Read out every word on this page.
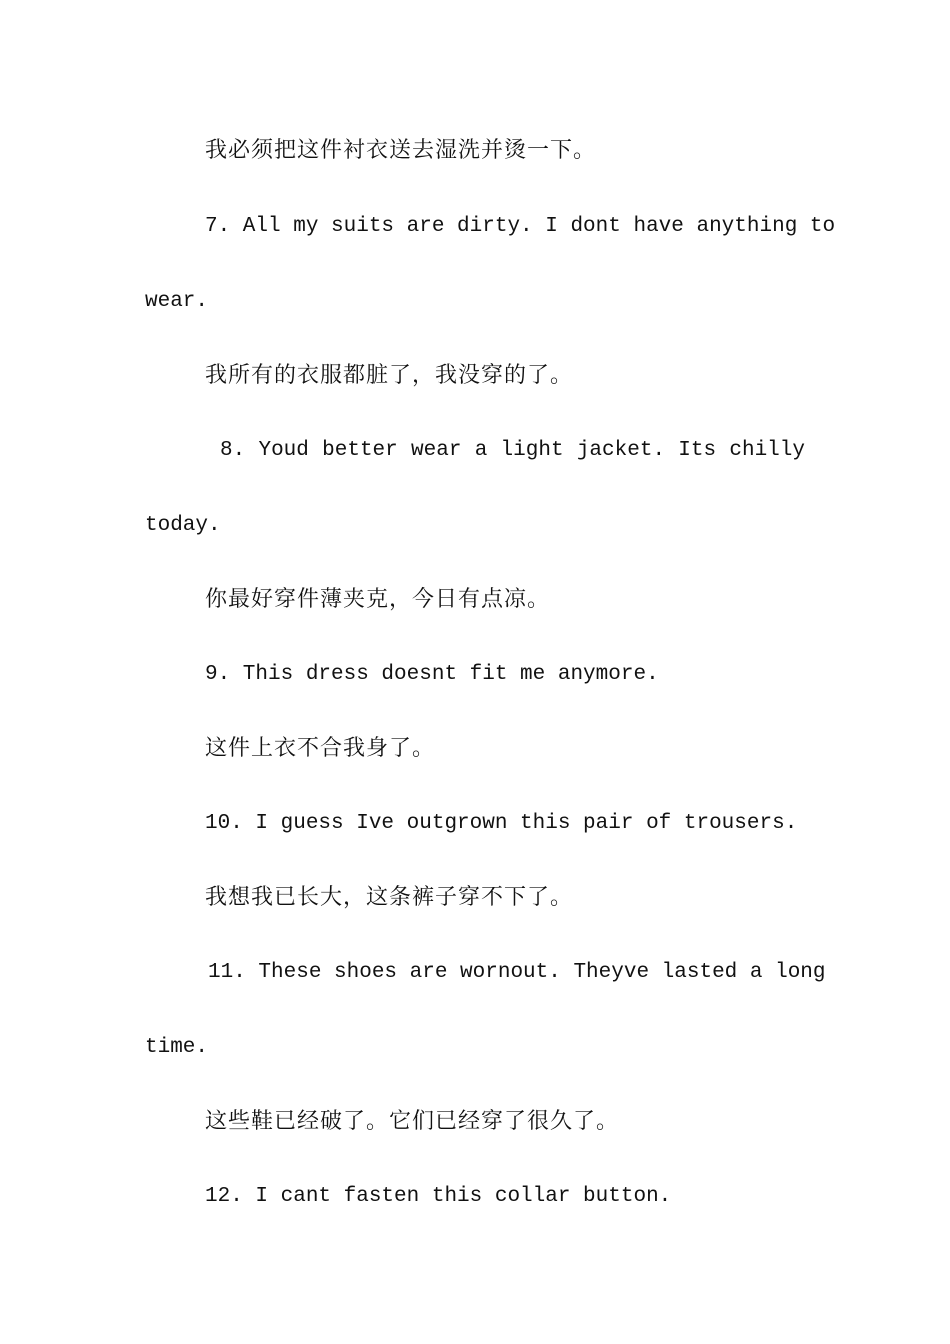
我必须把这件衬衣送去湿洗并烫一下。
7. All my suits are dirty. I dont have anything to
wear.
我所有的衣服都脏了，我没穿的了。
8. Youd better wear a light jacket. Its chilly
today.
你最好穿件薄夹克，今日有点凉。
9. This dress doesnt fit me anymore.
这件上衣不合我身了。
10. I guess Ive outgrown this pair of trousers.
我想我已长大，这条裤子穿不下了。
11. These shoes are wornout. Theyve lasted a long
time.
这些鞋已经破了。它们已经穿了很久了。
12. I cant fasten this collar button.
